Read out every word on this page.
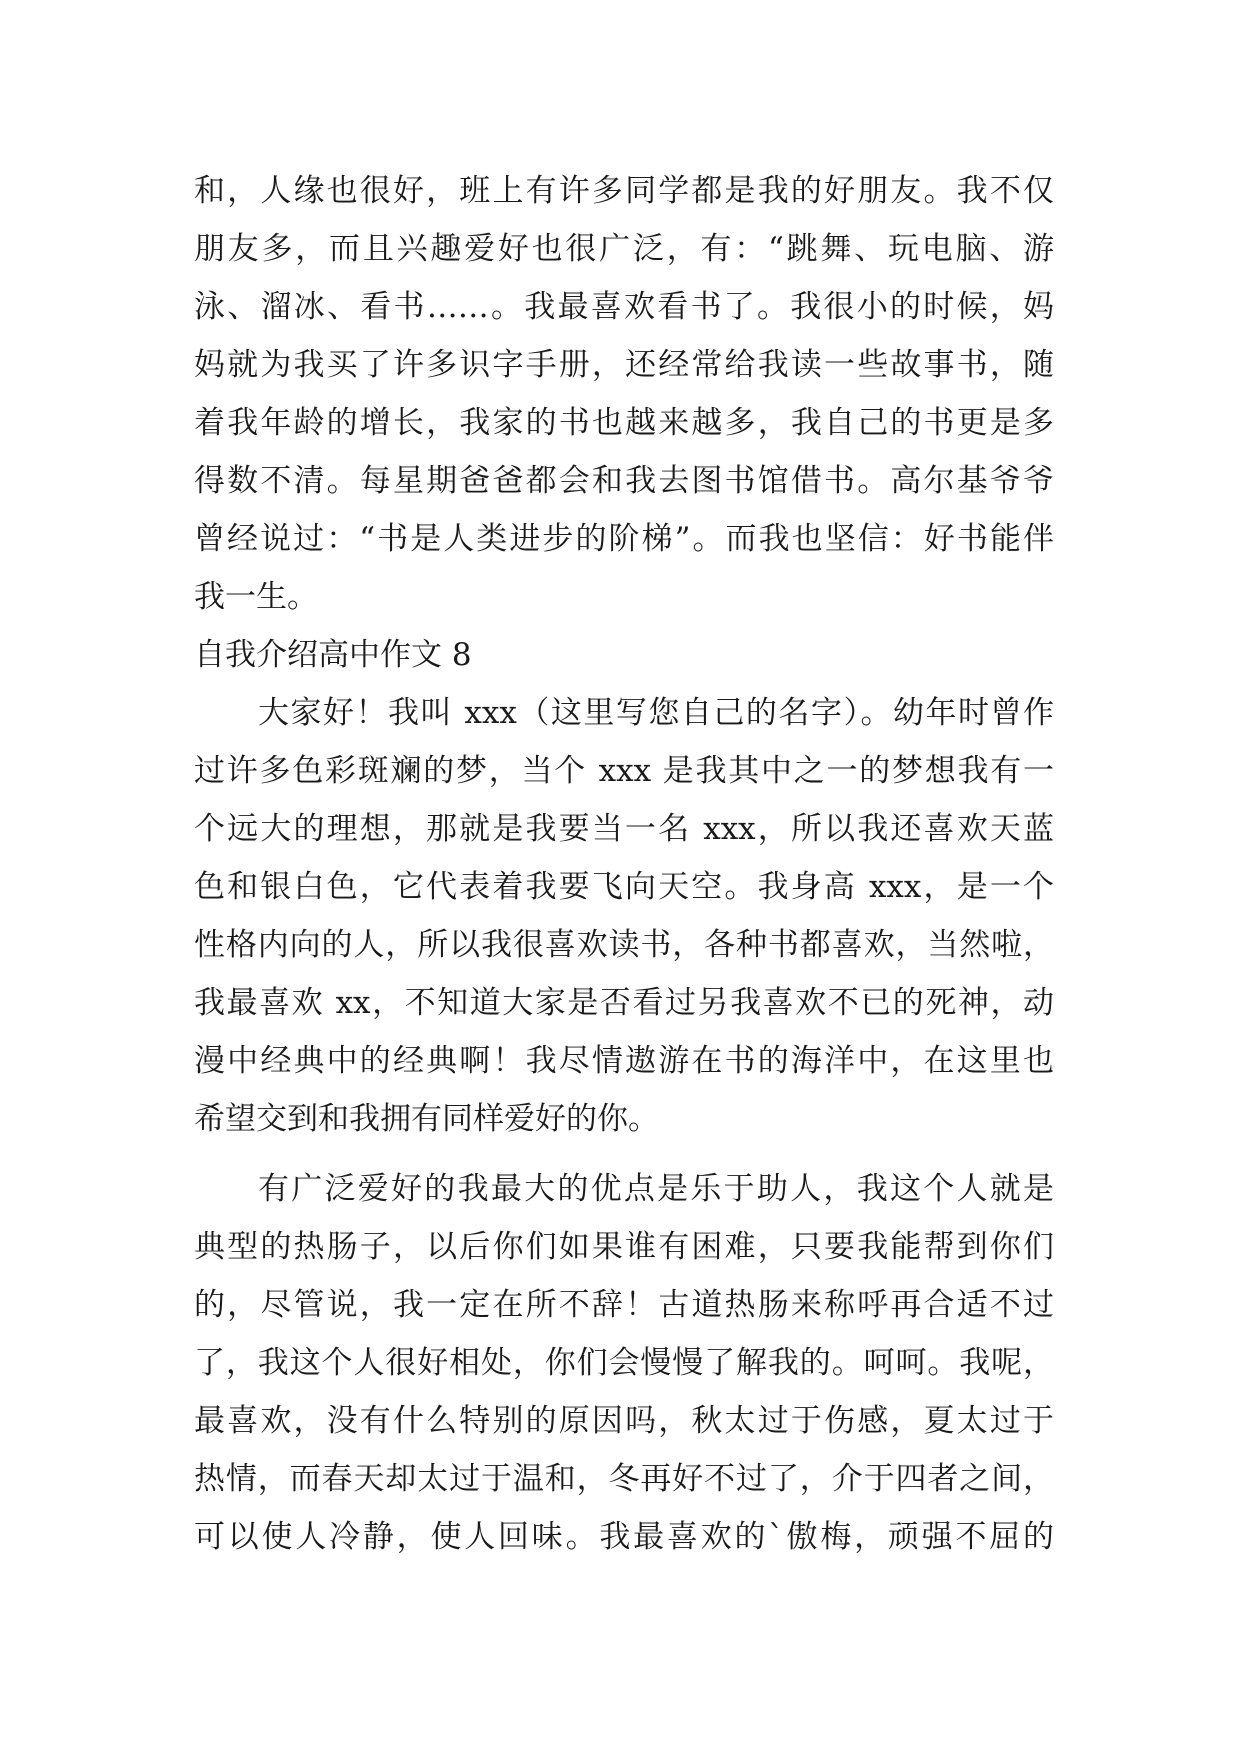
和，人缘也很好，班上有许多同学都是我的好朋友。我不仅
朋友多，而且兴趣爱好也很广泛，有：“跳舞、玩电脑、游
泳、溜冰、看书……。我最喜欢看书了。我很小的时候，妈
妈就为我买了许多识字手册，还经常给我读一些故事书，随
着我年龄的增长，我家的书也越来越多，我自己的书更是多
得数不清。每星期爸爸都会和我去图书馆借书。高尔基爷爷
曾经说过：“书是人类进步的阶梯”。而我也坚信：好书能伴
我一生。
自我介绍高中作文 8
大家好！我叫 xxx（这里写您自己的名字）。幼年时曾作
过许多色彩斑斓的梦，当个 xxx 是我其中之一的梦想我有一
个远大的理想，那就是我要当一名 xxx，所以我还喜欢天蓝
色和银白色，它代表着我要飞向天空。我身高 xxx，是一个
性格内向的人，所以我很喜欢读书，各种书都喜欢，当然啦，
我最喜欢 xx，不知道大家是否看过另我喜欢不已的死神，动
漫中经典中的经典啊！我尽情遨游在书的海洋中，在这里也
希望交到和我拥有同样爱好的你。
有广泛爱好的我最大的优点是乐于助人，我这个人就是
典型的热肠子，以后你们如果谁有困难，只要我能帮到你们
的，尽管说，我一定在所不辞！古道热肠来称呼再合适不过
了，我这个人很好相处，你们会慢慢了解我的。呵呵。我呢，
最喜欢，没有什么特别的原因吗，秋太过于伤感，夏太过于
热情，而春天却太过于温和，冬再好不过了，介于四者之间，
可以使人冷静，使人回味。我最喜欢的`傲梅，顽强不屈的
